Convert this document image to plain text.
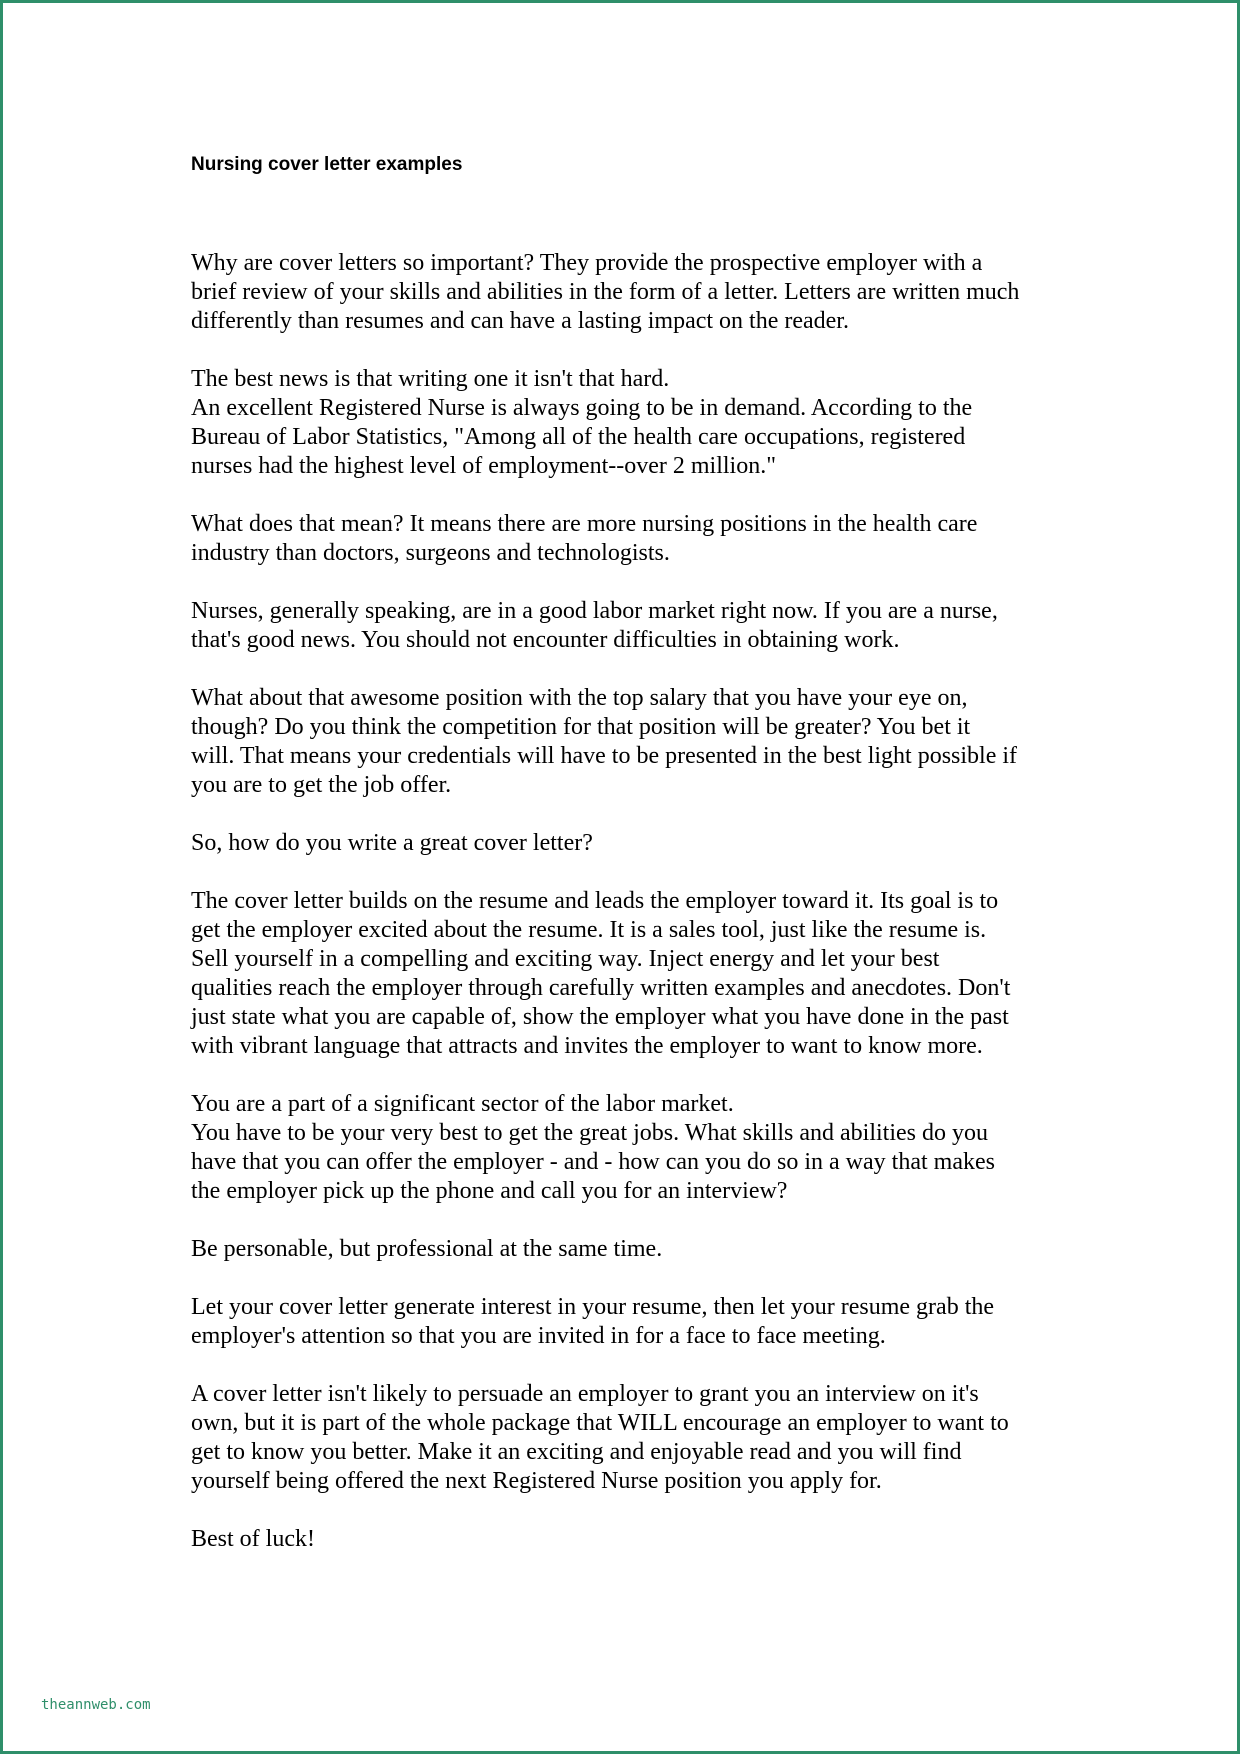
Nursing cover letter examples

Why are cover letters so important? They provide the prospective employer with a
brief review of your skills and abilities in the form of a letter. Letters are written much
differently than resumes and can have a lasting impact on the reader.

The best news is that writing one it isn't that hard.
An excellent Registered Nurse is always going to be in demand. According to the
Bureau of Labor Statistics, "Among all of the health care occupations, registered
nurses had the highest level of employment--over 2 million."

What does that mean? It means there are more nursing positions in the health care
industry than doctors, surgeons and technologists.

Nurses, generally speaking, are in a good labor market right now. If you are a nurse,
that's good news. You should not encounter difficulties in obtaining work.

What about that awesome position with the top salary that you have your eye on,
though? Do you think the competition for that position will be greater? You bet it
will. That means your credentials will have to be presented in the best light possible if
you are to get the job offer.

So, how do you write a great cover letter?

The cover letter builds on the resume and leads the employer toward it. Its goal is to
get the employer excited about the resume. It is a sales tool, just like the resume is.
Sell yourself in a compelling and exciting way. Inject energy and let your best
qualities reach the employer through carefully written examples and anecdotes. Don't
just state what you are capable of, show the employer what you have done in the past
with vibrant language that attracts and invites the employer to want to know more.

You are a part of a significant sector of the labor market.
You have to be your very best to get the great jobs. What skills and abilities do you
have that you can offer the employer - and - how can you do so in a way that makes
the employer pick up the phone and call you for an interview?

Be personable, but professional at the same time.

Let your cover letter generate interest in your resume, then let your resume grab the
employer's attention so that you are invited in for a face to face meeting.

A cover letter isn't likely to persuade an employer to grant you an interview on it's
own, but it is part of the whole package that WILL encourage an employer to want to
get to know you better. Make it an exciting and enjoyable read and you will find
yourself being offered the next Registered Nurse position you apply for.

Best of luck!

theannweb.com
